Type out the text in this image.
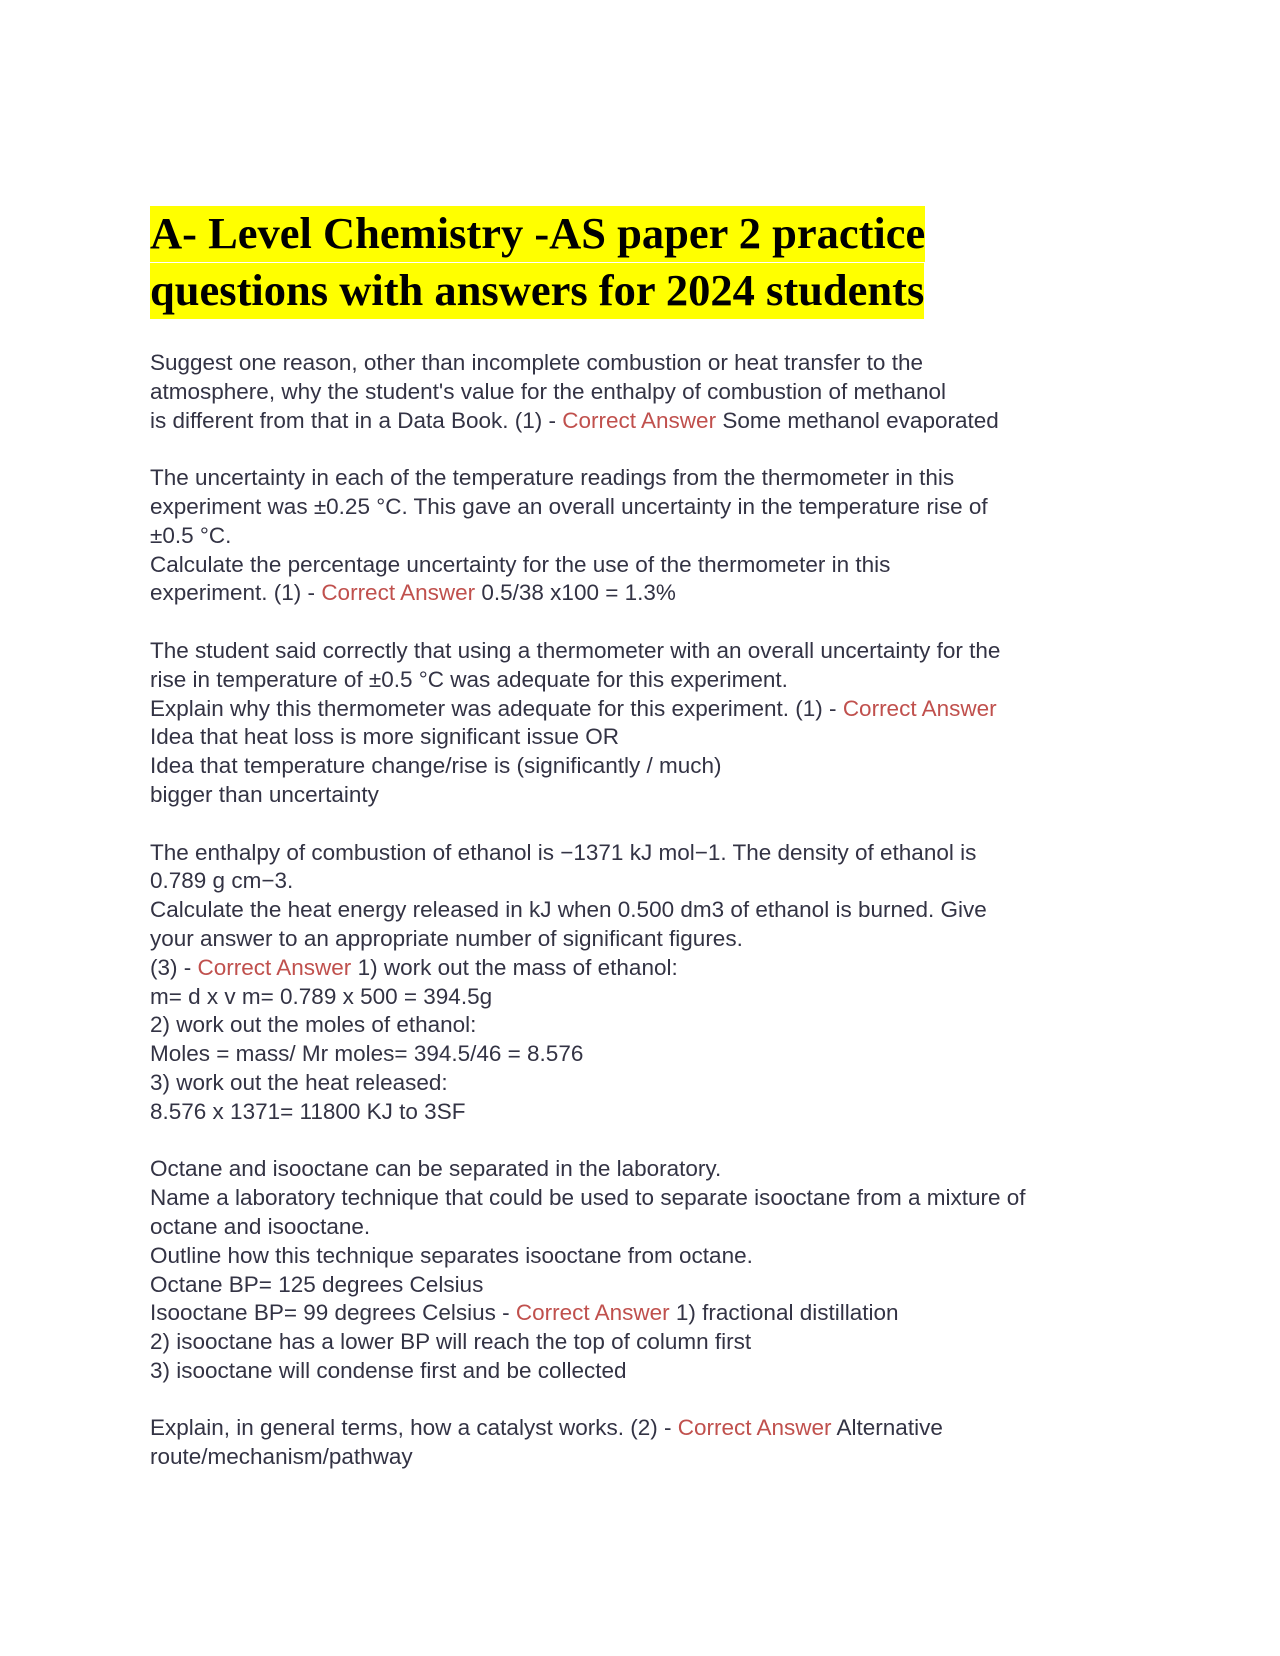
A- Level Chemistry -AS paper 2 practice
questions with answers for 2024 students
Suggest one reason, other than incomplete combustion or heat transfer to the
atmosphere, why the student's value for the enthalpy of combustion of methanol
is different from that in a Data Book. (1) - Correct Answer Some methanol evaporated
The uncertainty in each of the temperature readings from the thermometer in this
experiment was ±0.25 °C. This gave an overall uncertainty in the temperature rise of
±0.5 °C.
Calculate the percentage uncertainty for the use of the thermometer in this
experiment. (1) - Correct Answer 0.5/38 x100 = 1.3%
The student said correctly that using a thermometer with an overall uncertainty for the
rise in temperature of ±0.5 °C was adequate for this experiment.
Explain why this thermometer was adequate for this experiment. (1) - Correct Answer
Idea that heat loss is more significant issue OR
Idea that temperature change/rise is (significantly / much)
bigger than uncertainty
The enthalpy of combustion of ethanol is −1371 kJ mol−1. The density of ethanol is
0.789 g cm−3.
Calculate the heat energy released in kJ when 0.500 dm3 of ethanol is burned. Give
your answer to an appropriate number of significant figures.
(3) - Correct Answer 1) work out the mass of ethanol:
m= d x v m= 0.789 x 500 = 394.5g
2) work out the moles of ethanol:
Moles = mass/ Mr moles= 394.5/46 = 8.576
3) work out the heat released:
8.576 x 1371= 11800 KJ to 3SF
Octane and isooctane can be separated in the laboratory.
Name a laboratory technique that could be used to separate isooctane from a mixture of
octane and isooctane.
Outline how this technique separates isooctane from octane.
Octane BP= 125 degrees Celsius
Isooctane BP= 99 degrees Celsius - Correct Answer 1) fractional distillation
2) isooctane has a lower BP will reach the top of column first
3) isooctane will condense first and be collected
Explain, in general terms, how a catalyst works. (2) - Correct Answer Alternative
route/mechanism/pathway
